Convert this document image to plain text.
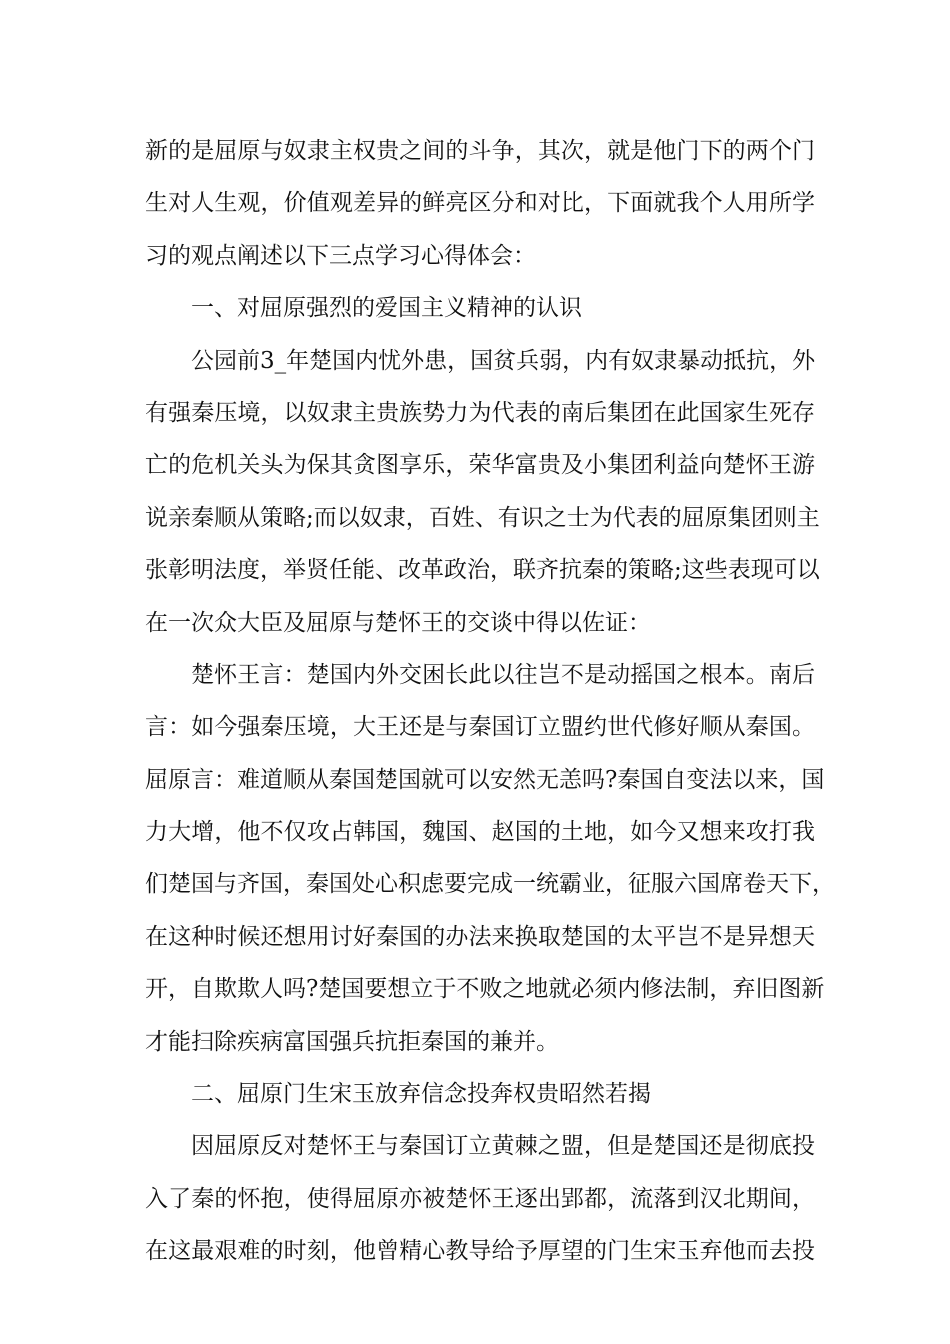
新的是屈原与奴隶主权贵之间的斗争，其次，就是他门下的两个门
生对人生观，价值观差异的鲜亮区分和对比，下面就我个人用所学
习的观点阐述以下三点学习心得体会：
一、对屈原强烈的爱国主义精神的认识
公园前3_年楚国内忧外患，国贫兵弱，内有奴隶暴动抵抗，外
有强秦压境，以奴隶主贵族势力为代表的南后集团在此国家生死存
亡的危机关头为保其贪图享乐，荣华富贵及小集团利益向楚怀王游
说亲秦顺从策略;而以奴隶，百姓、有识之士为代表的屈原集团则主
张彰明法度，举贤任能、改革政治，联齐抗秦的策略;这些表现可以
在一次众大臣及屈原与楚怀王的交谈中得以佐证：
楚怀王言：楚国内外交困长此以往岂不是动摇国之根本。南后
言：如今强秦压境，大王还是与秦国订立盟约世代修好顺从秦国。
屈原言：难道顺从秦国楚国就可以安然无恙吗?秦国自变法以来，国
力大增，他不仅攻占韩国，魏国、赵国的土地，如今又想来攻打我
们楚国与齐国，秦国处心积虑要完成一统霸业，征服六国席卷天下，
在这种时候还想用讨好秦国的办法来换取楚国的太平岂不是异想天
开，自欺欺人吗?楚国要想立于不败之地就必须内修法制，弃旧图新
才能扫除疾病富国强兵抗拒秦国的兼并。
二、屈原门生宋玉放弃信念投奔权贵昭然若揭
因屈原反对楚怀王与秦国订立黄棘之盟，但是楚国还是彻底投
入了秦的怀抱，使得屈原亦被楚怀王逐出郢都，流落到汉北期间，
在这最艰难的时刻，他曾精心教导给予厚望的门生宋玉弃他而去投
